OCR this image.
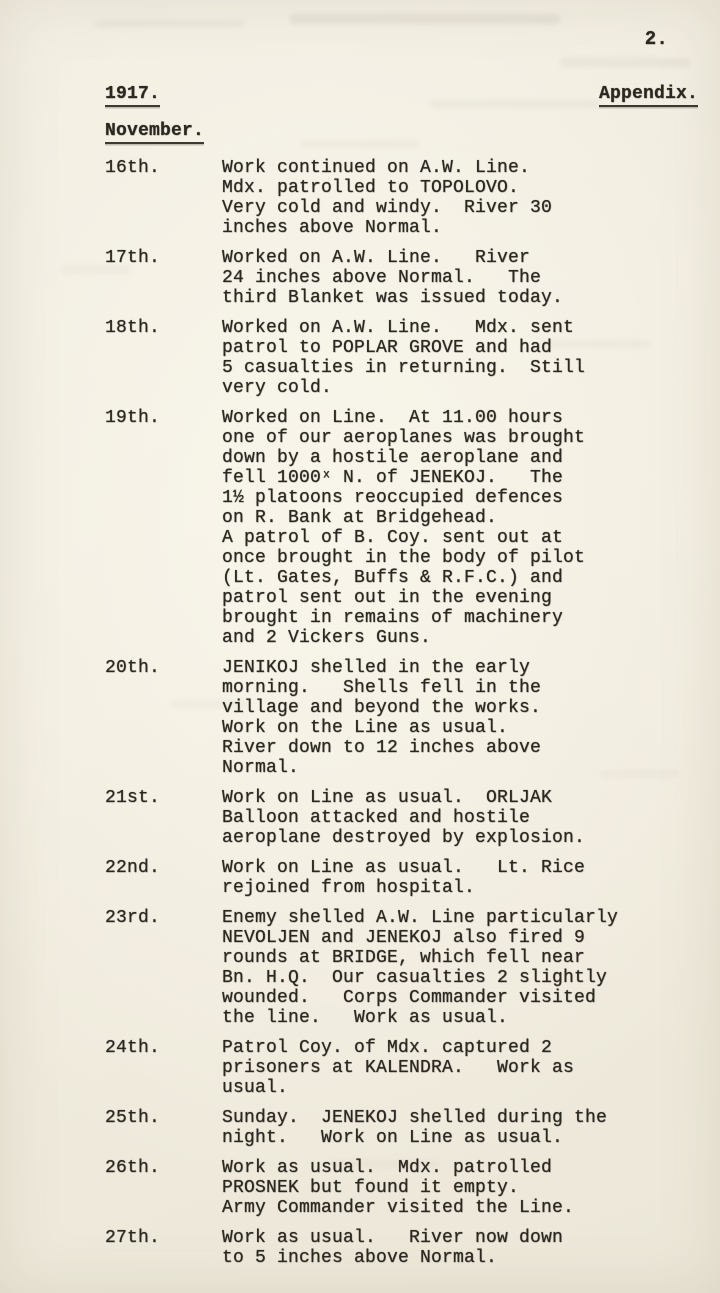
2.
1917.	Appendix.
November.
16th.	Work continued on A.W. Line.
Mdx. patrolled to TOPOLOVO.
Very cold and windy.  River 30
inches above Normal.
17th.	Worked on A.W. Line.   River
24 inches above Normal.   The
third Blanket was issued today.
18th.	Worked on A.W. Line.   Mdx. sent
patrol to POPLAR GROVE and had
5 casualties in returning.  Still
very cold.
19th.	Worked on Line.  At 11.00 hours
one of our aeroplanes was brought
down by a hostile aeroplane and
fell 1000ˣ N. of JENEKOJ.   The
1½ platoons reoccupied defences
on R. Bank at Bridgehead.
A patrol of B. Coy. sent out at
once brought in the body of pilot
(Lt. Gates, Buffs & R.F.C.) and
patrol sent out in the evening
brought in remains of machinery
and 2 Vickers Guns.
20th.	JENIKOJ shelled in the early
morning.   Shells fell in the
village and beyond the works.
Work on the Line as usual.
River down to 12 inches above
Normal.
21st.	Work on Line as usual.  ORLJAK
Balloon attacked and hostile
aeroplane destroyed by explosion.
22nd.	Work on Line as usual.   Lt. Rice
rejoined from hospital.
23rd.	Enemy shelled A.W. Line particularly
NEVOLJEN and JENEKOJ also fired 9
rounds at BRIDGE, which fell near
Bn. H.Q.  Our casualties 2 slightly
wounded.   Corps Commander visited
the line.   Work as usual.
24th.	Patrol Coy. of Mdx. captured 2
prisoners at KALENDRA.   Work as
usual.
25th.	Sunday.  JENEKOJ shelled during the
night.   Work on Line as usual.
26th.	Work as usual.  Mdx. patrolled
PROSNEK but found it empty.
Army Commander visited the Line.
27th.	Work as usual.   River now down
to 5 inches above Normal.
